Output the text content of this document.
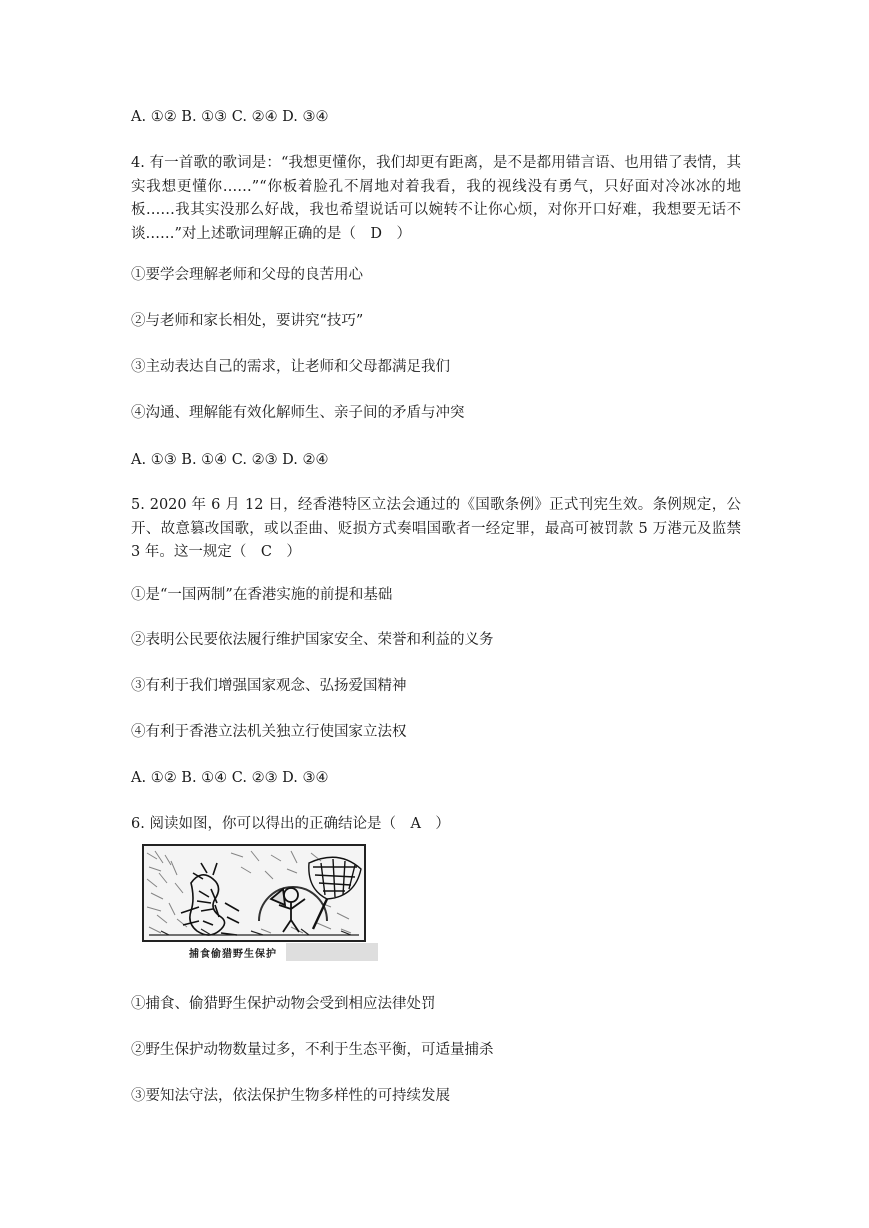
A. ①② B. ①③ C. ②④ D. ③④
4. 有一首歌的歌词是：“我想更懂你，我们却更有距离，是不是都用错言语、也用错了表情，其实我想更懂你……”“你板着脸孔不屑地对着我看，我的视线没有勇气，只好面对冷冰冰的地板……我其实没那么好战，我也希望说话可以婉转不让你心烦，对你开口好难，我想要无话不谈……”对上述歌词理解正确的是（　D　）
①要学会理解老师和父母的良苦用心
②与老师和家长相处，要讲究“技巧”
③主动表达自己的需求，让老师和父母都满足我们
④沟通、理解能有效化解师生、亲子间的矛盾与冲突
A. ①③ B. ①④ C. ②③ D. ②④
5. 2020 年 6 月 12 日，经香港特区立法会通过的《国歌条例》正式刊宪生效。条例规定，公开、故意篡改国歌，或以歪曲、贬损方式奏唱国歌者一经定罪，最高可被罚款 5 万港元及监禁 3 年。这一规定（　C　）
①是“一国两制”在香港实施的前提和基础
②表明公民要依法履行维护国家安全、荣誉和利益的义务
③有利于我们增强国家观念、弘扬爱国精神
④有利于香港立法机关独立行使国家立法权
A. ①② B. ①④ C. ②③ D. ③④
6. 阅读如图，你可以得出的正确结论是（　A　）
捕食偷猎野生保护
①捕食、偷猎野生保护动物会受到相应法律处罚
②野生保护动物数量过多，不利于生态平衡，可适量捕杀
③要知法守法，依法保护生物多样性的可持续发展
